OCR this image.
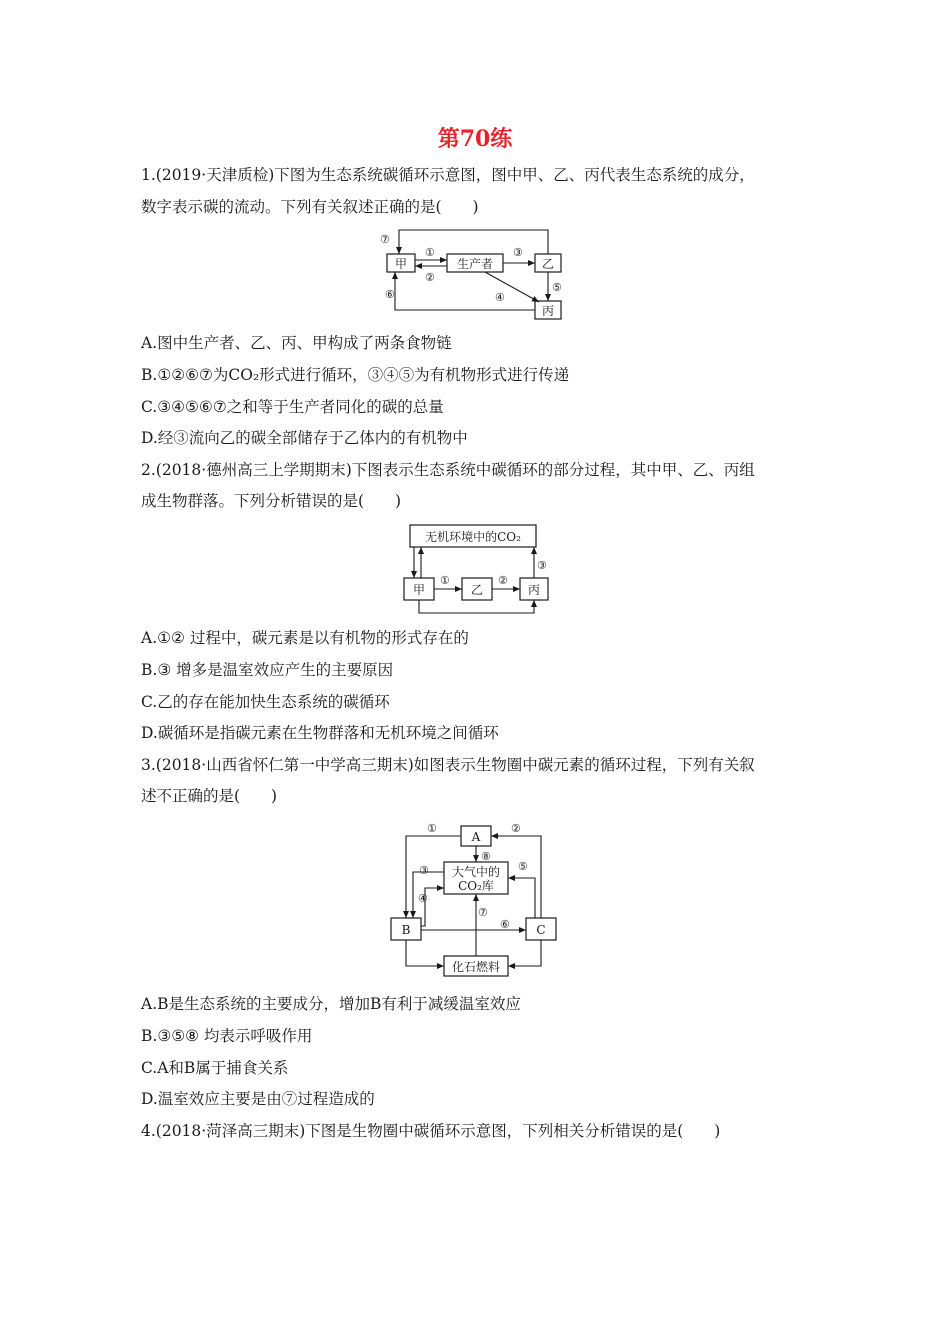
第70练
1.(2019·天津质检)下图为生态系统碳循环示意图，图中甲、乙、丙代表生态系统的成分，
数字表示碳的流动。下列有关叙述正确的是(　　)
甲	生产者	乙
丙
⑦
①
②
③
④
⑤
⑥
A.图中生产者、乙、丙、甲构成了两条食物链
B.①②⑥⑦为CO₂形式进行循环，③④⑤为有机物形式进行传递
C.③④⑤⑥⑦之和等于生产者同化的碳的总量
D.经③流向乙的碳全部储存于乙体内的有机物中
2.(2018·德州高三上学期期末)下图表示生态系统中碳循环的部分过程，其中甲、乙、丙组
成生物群落。下列分析错误的是(　　)
无机环境中的CO₂
甲	乙	丙
①	②
③
A.①② 过程中，碳元素是以有机物的形式存在的
B.③ 增多是温室效应产生的主要原因
C.乙的存在能加快生态系统的碳循环
D.碳循环是指碳元素在生物群落和无机环境之间循环
3.(2018·山西省怀仁第一中学高三期末)如图表示生物圈中碳元素的循环过程，下列有关叙
述不正确的是(　　)
A
大气中的
CO₂库
B	C
化石燃料
①	②
⑧
③	⑤
④
⑦
⑥
A.B是生态系统的主要成分，增加B有利于减缓温室效应
B.③⑤⑧ 均表示呼吸作用
C.A和B属于捕食关系
D.温室效应主要是由⑦过程造成的
4.(2018·菏泽高三期末)下图是生物圈中碳循环示意图，下列相关分析错误的是(　　)
